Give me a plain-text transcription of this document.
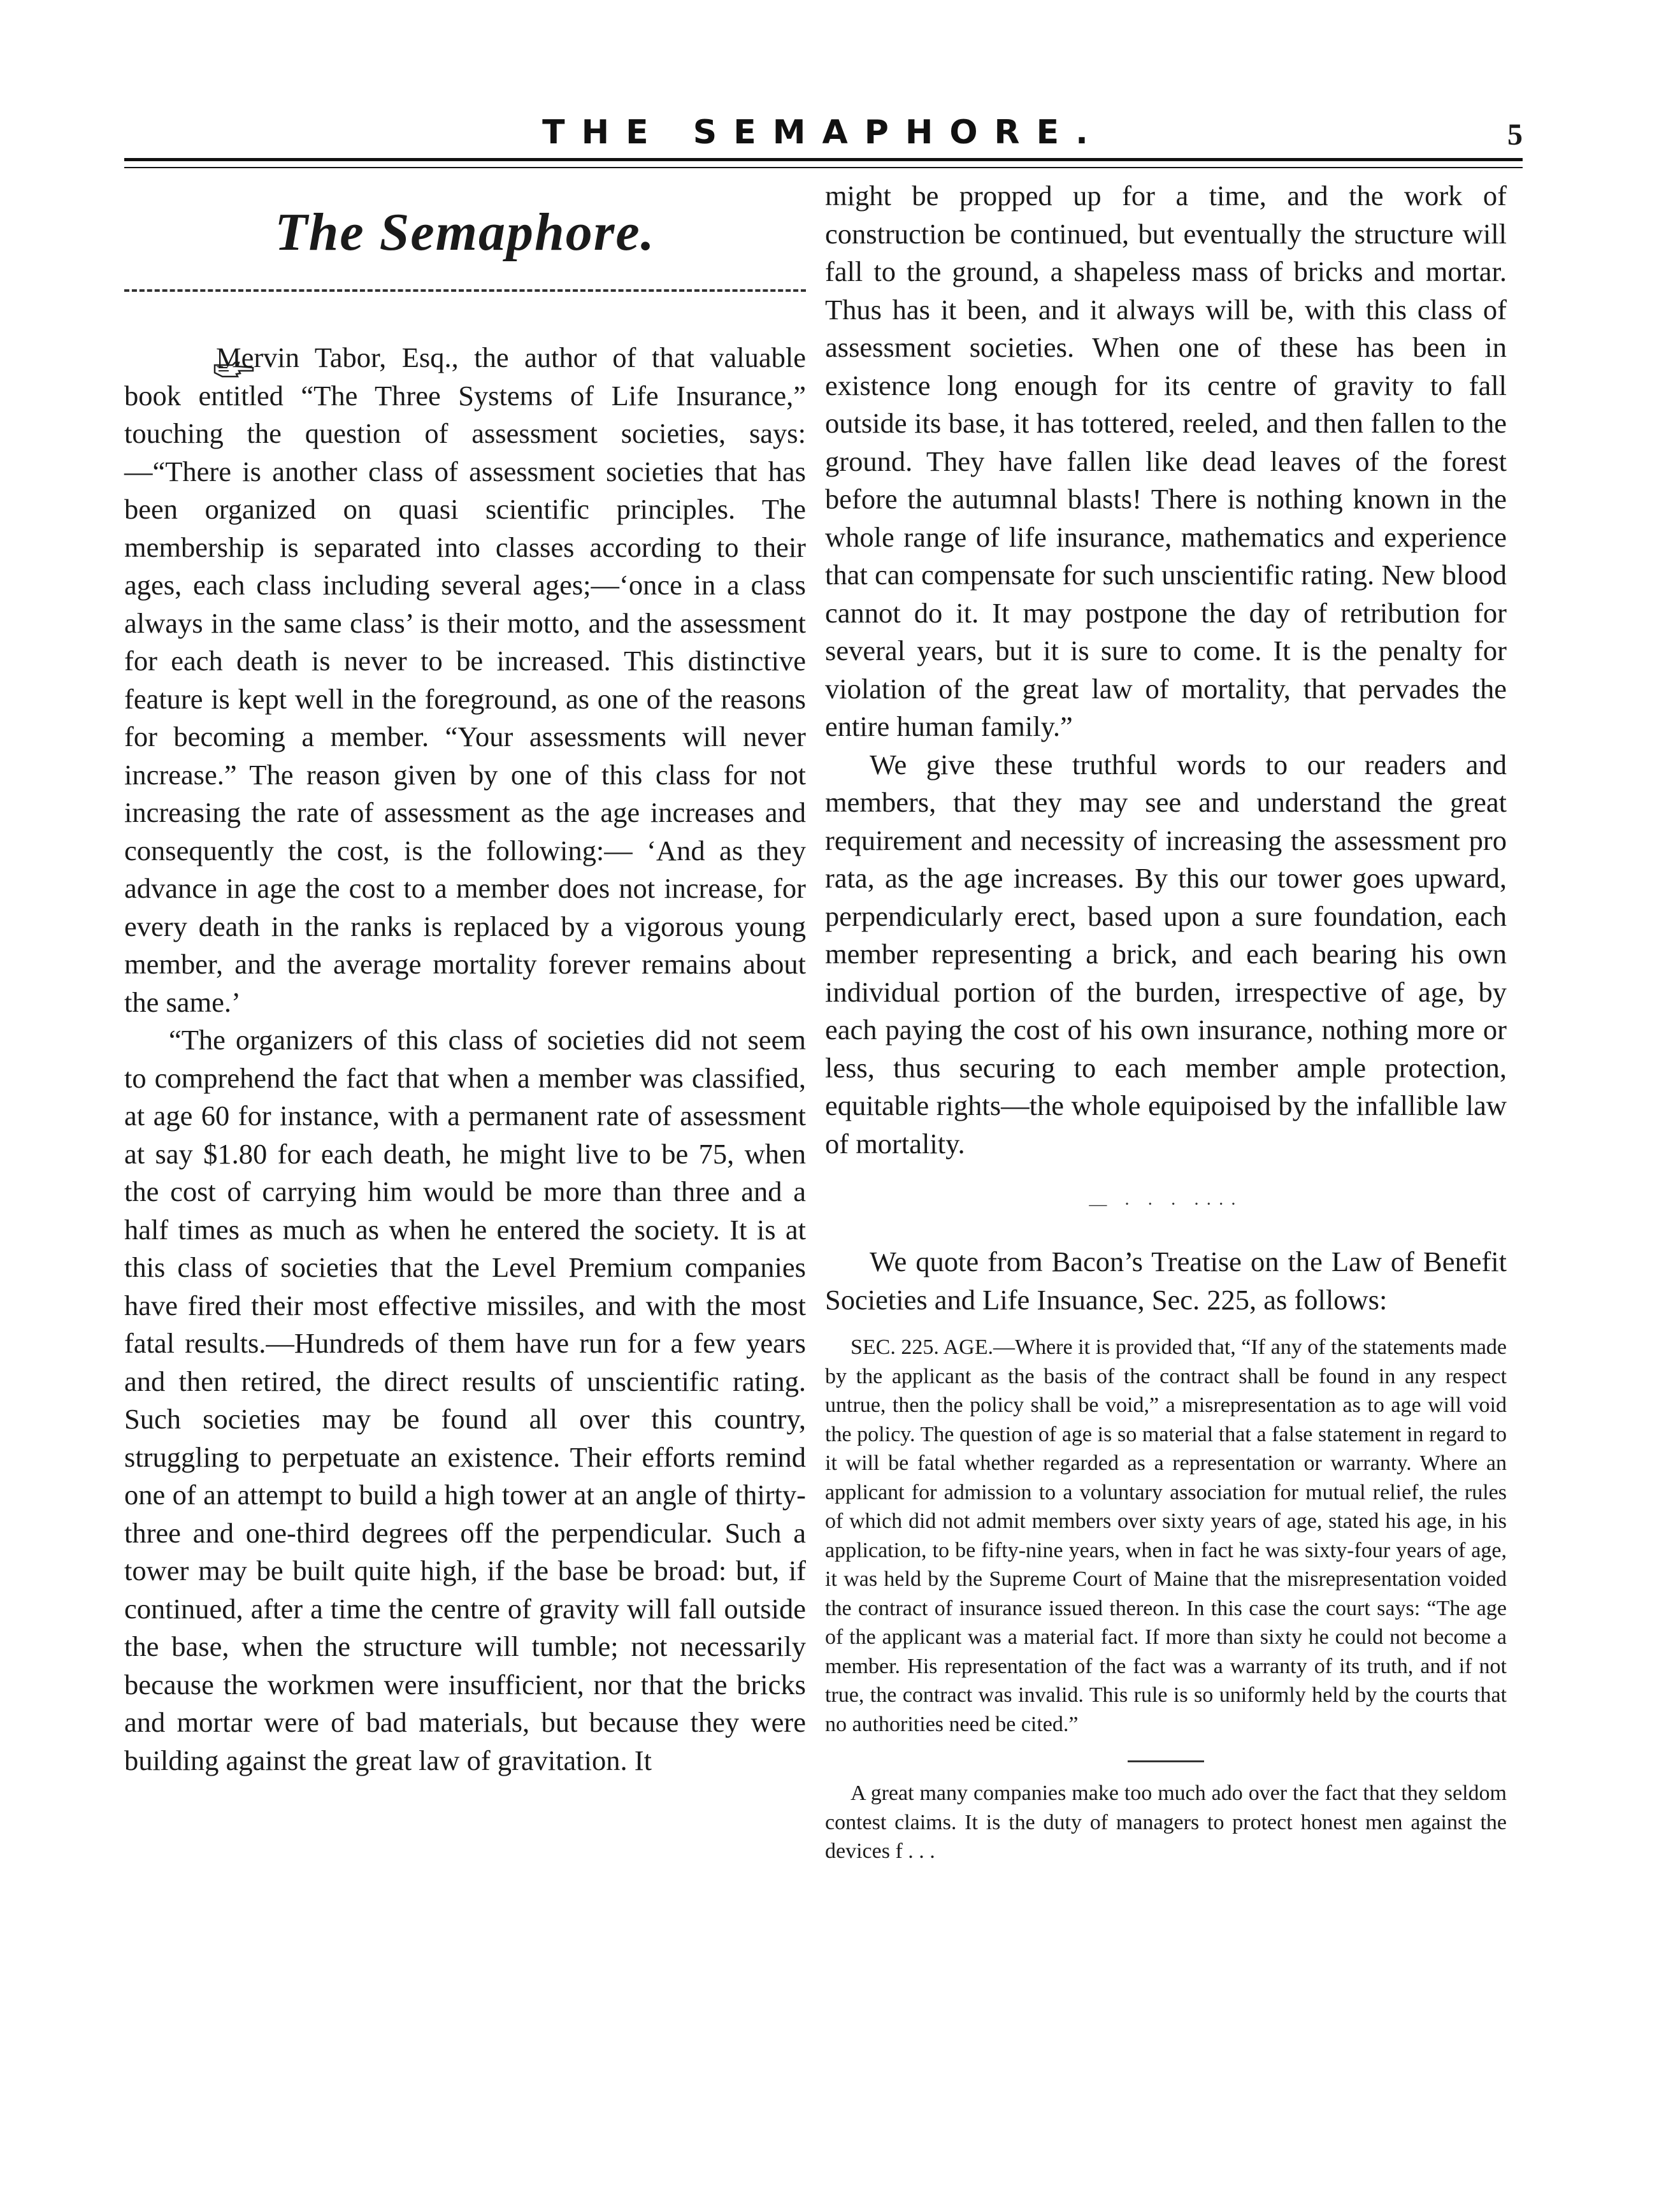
THE SEMAPHORE.	5
The Semaphore.

Mervin Tabor, Esq., the author of that valuable book entitled “The Three Systems of Life Insurance,” touching the question of assessment societies, says:—“There is another class of assessment societies that has been organized on quasi scientific principles. The membership is separated into classes according to their ages, each class including several ages;—‘once in a class always in the same class’ is their motto, and the assessment for each death is never to be increased. This distinctive feature is kept well in the foreground, as one of the reasons for becoming a member. “Your assessments will never increase.” The reason given by one of this class for not increasing the rate of assessment as the age increases and consequently the cost, is the following:— ‘And as they advance in age the cost to a member does not increase, for every death in the ranks is replaced by a vigorous young member, and the average mortality forever remains about the same.’

“The organizers of this class of societies did not seem to comprehend the fact that when a member was classified, at age 60 for instance, with a permanent rate of assessment at say $1.80 for each death, he might live to be 75, when the cost of carrying him would be more than three and a half times as much as when he entered the society. It is at this class of societies that the Level Premium companies have fired their most effective missiles, and with the most fatal results.—Hundreds of them have run for a few years and then retired, the direct results of unscientific rating. Such societies may be found all over this country, struggling to perpetuate an existence. Their efforts remind one of an attempt to build a high tower at an angle of thirty-three and one-third degrees off the perpendicular. Such a tower may be built quite high, if the base be broad: but, if continued, after a time the centre of gravity will fall outside the base, when the structure will tumble; not necessarily because the workmen were insufficient, nor that the bricks and mortar were of bad materials, but because they were building against the great law of gravitation. It

might be propped up for a time, and the work of construction be continued, but eventually the structure will fall to the ground, a shapeless mass of bricks and mortar. Thus has it been, and it always will be, with this class of assessment societies. When one of these has been in existence long enough for its centre of gravity to fall outside its base, it has tottered, reeled, and then fallen to the ground. They have fallen like dead leaves of the forest before the autumnal blasts! There is nothing known in the whole range of life insurance, mathematics and experience that can compensate for such unscientific rating. New blood cannot do it. It may postpone the day of retribution for several years, but it is sure to come. It is the penalty for violation of the great law of mortality, that pervades the entire human family.”

We give these truthful words to our readers and members, that they may see and understand the great requirement and necessity of increasing the assessment pro rata, as the age increases. By this our tower goes upward, perpendicularly erect, based upon a sure foundation, each member representing a brick, and each bearing his own individual portion of the burden, irrespective of age, by each paying the cost of his own insurance, nothing more or less, thus securing to each member ample protection, equitable rights—the whole equipoised by the infallible law of mortality.

— · · · ····

We quote from Bacon’s Treatise on the Law of Benefit Societies and Life Insuance, Sec. 225, as follows:

SEC. 225. AGE.—Where it is provided that, “If any of the statements made by the applicant as the basis of the contract shall be found in any respect untrue, then the policy shall be void,” a misrepresentation as to age will void the policy. The question of age is so material that a false statement in regard to it will be fatal whether regarded as a representation or warranty. Where an applicant for admission to a voluntary association for mutual relief, the rules of which did not admit members over sixty years of age, stated his age, in his application, to be fifty-nine years, when in fact he was sixty-four years of age, it was held by the Supreme Court of Maine that the misrepresentation voided the contract of insurance issued thereon. In this case the court says: “The age of the applicant was a material fact. If more than sixty he could not become a member. His representation of the fact was a warranty of its truth, and if not true, the contract was invalid. This rule is so uniformly held by the courts that no authorities need be cited.”

A great many companies make too much ado over the fact that they seldom contest claims. It is the duty of managers to protect honest men against the devices f . . .
